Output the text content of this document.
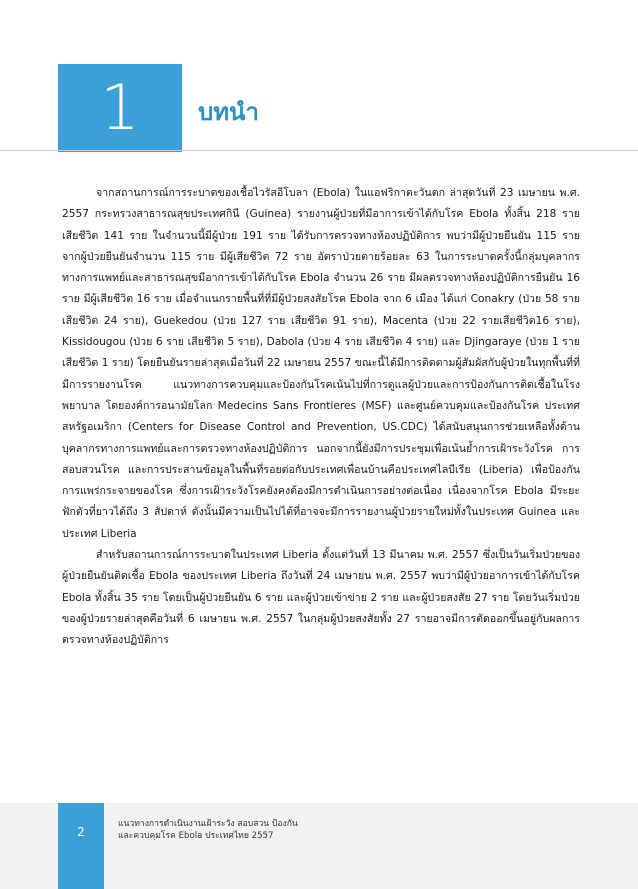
1	บทนำ

จากสถานการณ์การระบาดของเชื้อไวรัสอีโบลา (Ebola) ในแอฟริกาตะวันตก ล่าสุดวันที่ 23 เมษายน พ.ศ. 2557 กระทรวงสาธารณสุขประเทศกินี (Guinea) รายงานผู้ป่วยที่มีอาการเข้าได้กับโรค Ebola ทั้งสิ้น 218 ราย เสียชีวิต 141 ราย ในจำนวนนี้มีผู้ป่วย 191 ราย ได้รับการตรวจทางห้องปฏิบัติการ พบว่ามีผู้ป่วยยืนยัน 115 ราย จากผู้ป่วยยืนยันจำนวน 115 ราย มีผู้เสียชีวิต 72 ราย อัตราป่วยตายร้อยละ 63 ในการระบาดครั้งนี้กลุ่มบุคลากรทางการแพทย์และสาธารณสุขมีอาการเข้าได้กับโรค Ebola จำนวน 26 ราย มีผลตรวจทางห้องปฏิบัติการยืนยัน 16 ราย มีผู้เสียชีวิต 16 ราย เมื่อจำแนกรายพื้นที่ที่มีผู้ป่วยสงสัยโรค Ebola จาก 6 เมือง ได้แก่ Conakry (ป่วย 58 ราย เสียชีวิต 24 ราย), Guekedou (ป่วย 127 ราย เสียชีวิต 91 ราย), Macenta (ป่วย 22 รายเสียชีวิต16 ราย), Kissidougou (ป่วย 6 ราย เสียชีวิต 5 ราย), Dabola (ป่วย 4 ราย เสียชีวิต 4 ราย) และ Djingaraye (ป่วย 1 ราย เสียชีวิต 1 ราย) โดยยืนยันรายล่าสุดเมื่อวันที่ 22 เมษายน 2557 ขณะนี้ได้มีการติดตามผู้สัมผัสกับผู้ป่วยในทุกพื้นที่ที่มีการรายงานโรค แนวทางการควบคุมและป้องกันโรคเน้นไปที่การดูแลผู้ป่วยและการป้องกันการติดเชื้อในโรงพยาบาล โดยองค์การอนามัยโลก Medecins Sans Frontieres (MSF) และศูนย์ควบคุมและป้องกันโรค ประเทศสหรัฐอเมริกา (Centers for Disease Control and Prevention, US.CDC) ได้สนับสนุนการช่วยเหลือทั้งด้านบุคลากรทางการแพทย์และการตรวจทางห้องปฏิบัติการ นอกจากนี้ยังมีการประชุมเพื่อเน้นย้ำการเฝ้าระวังโรค การสอบสวนโรค และการประสานข้อมูลในพื้นที่รอยต่อกับประเทศเพื่อนบ้านคือประเทศไลบีเรีย (Liberia) เพื่อป้องกันการแพร่กระจายของโรค ซึ่งการเฝ้าระวังโรคยังคงต้องมีการดำเนินการอย่างต่อเนื่อง เนื่องจากโรค Ebola มีระยะฟักตัวที่ยาวได้ถึง 3 สัปดาห์ ดังนั้นมีความเป็นไปได้ที่อาจจะมีการรายงานผู้ป่วยรายใหม่ทั้งในประเทศ Guinea และประเทศ Liberia

สำหรับสถานการณ์การระบาดในประเทศ Liberia ตั้งแต่วันที่ 13 มีนาคม พ.ศ. 2557 ซึ่งเป็นวันเริ่มป่วยของผู้ป่วยยืนยันติดเชื้อ Ebola ของประเทศ Liberia ถึงวันที่ 24 เมษายน พ.ศ. 2557 พบว่ามีผู้ป่วยอาการเข้าได้กับโรค Ebola ทั้งสิ้น 35 ราย โดยเป็นผู้ป่วยยืนยัน 6 ราย และผู้ป่วยเข้าข่าย 2 ราย และผู้ป่วยสงสัย 27 ราย โดยวันเริ่มป่วยของผู้ป่วยรายล่าสุดคือวันที่ 6 เมษายน พ.ศ. 2557 ในกลุ่มผู้ป่วยสงสัยทั้ง 27 รายอาจมีการตัดออกขึ้นอยู่กับผลการตรวจทางห้องปฏิบัติการ

2
แนวทางการดำเนินงานเฝ้าระวัง สอบสวน ป้องกัน
และควบคุมโรค Ebola ประเทศไทย 2557
